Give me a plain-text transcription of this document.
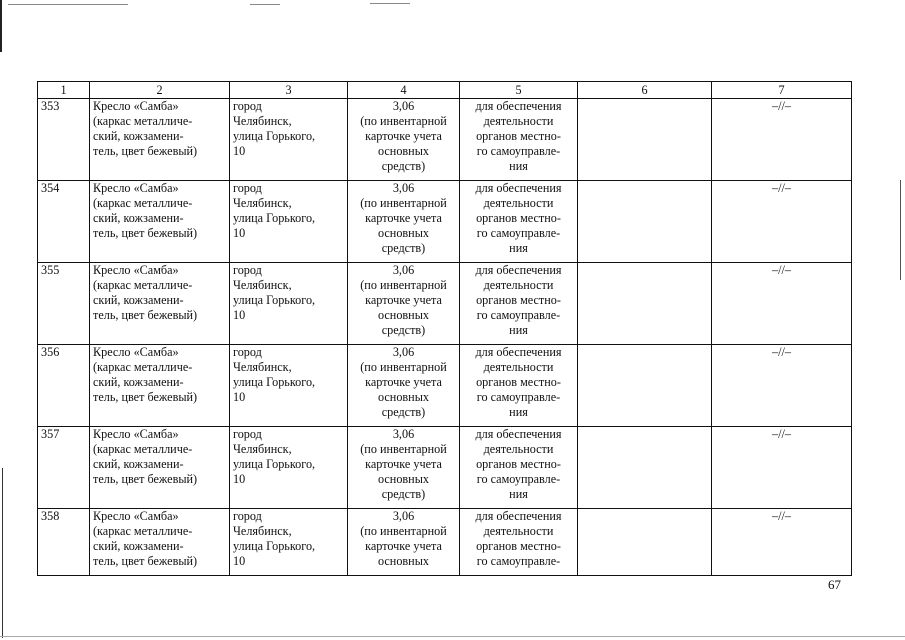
1	2	3	4	5	6	7
353	Кресло «Самба»
(каркас металличе-
ский, кожзамени-
тель, цвет бежевый)	город
Челябинск,
улица Горького,
10	3,06
(по инвентарной
карточке учета
основных
средств)	для обеспечения
деятельности
органов местно-
го самоуправле-
ния		–//–
354	Кресло «Самба»
(каркас металличе-
ский, кожзамени-
тель, цвет бежевый)	город
Челябинск,
улица Горького,
10	3,06
(по инвентарной
карточке учета
основных
средств)	для обеспечения
деятельности
органов местно-
го самоуправле-
ния		–//–
355	Кресло «Самба»
(каркас металличе-
ский, кожзамени-
тель, цвет бежевый)	город
Челябинск,
улица Горького,
10	3,06
(по инвентарной
карточке учета
основных
средств)	для обеспечения
деятельности
органов местно-
го самоуправле-
ния		–//–
356	Кресло «Самба»
(каркас металличе-
ский, кожзамени-
тель, цвет бежевый)	город
Челябинск,
улица Горького,
10	3,06
(по инвентарной
карточке учета
основных
средств)	для обеспечения
деятельности
органов местно-
го самоуправле-
ния		–//–
357	Кресло «Самба»
(каркас металличе-
ский, кожзамени-
тель, цвет бежевый)	город
Челябинск,
улица Горького,
10	3,06
(по инвентарной
карточке учета
основных
средств)	для обеспечения
деятельности
органов местно-
го самоуправле-
ния		–//–
358	Кресло «Самба»
(каркас металличе-
ский, кожзамени-
тель, цвет бежевый)	город
Челябинск,
улица Горького,
10	3,06
(по инвентарной
карточке учета
основных	для обеспечения
деятельности
органов местно-
го самоуправле-		–//–
67
